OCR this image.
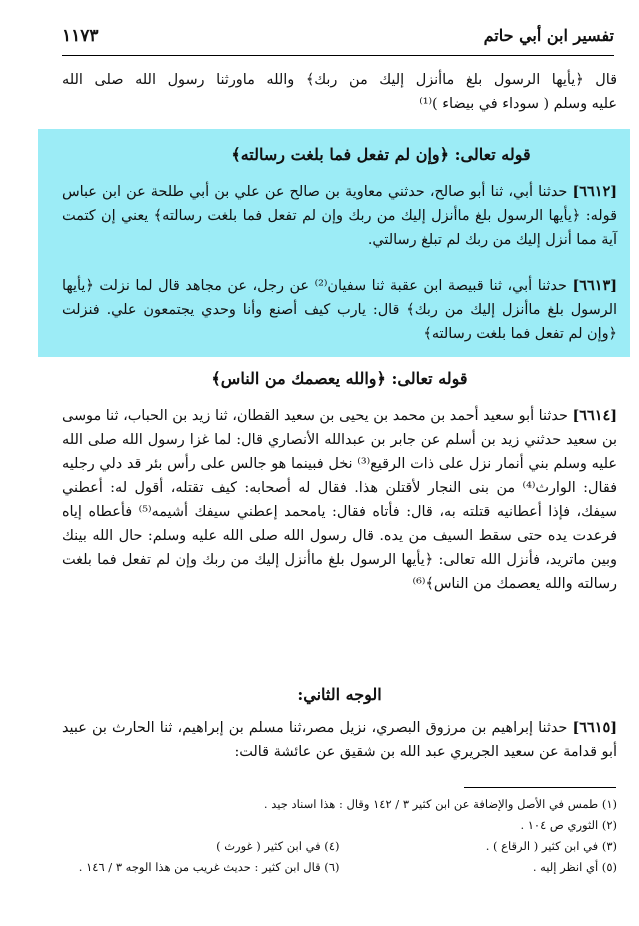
تفسير ابن أبي حاتم
١١٧٣

قال ﴿يأيها الرسول بلغ ماأنزل إليك من ربك﴾ والله ماورثنا رسول الله صلى الله

عليه وسلم ( سوداء في بيضاء )⁽¹⁾

قوله تعالى: ﴿وإن لم تفعل فما بلغت رسالته﴾

[٦٦١٢] حدثنا أبي، ثنا أبو صالح، حدثني معاوية بن صالح عن علي بن أبي طلحة عن ابن عباس قوله: ﴿يأيها الرسول بلغ ماأنزل إليك من ربك وإن لم تفعل فما بلغت رسالته﴾ يعني إن كتمت آية مما أنزل إليك من ربك لم تبلغ رسالتي.

[٦٦١٣] حدثنا أبي، ثنا قبيصة ابن عقبة ثنا سفيان⁽²⁾ عن رجل، عن مجاهد قال لما نزلت ﴿يأيها الرسول بلغ ماأنزل إليك من ربك﴾ قال: يارب كيف أصنع وأنا وحدي يجتمعون علي. فنزلت ﴿وإن لم تفعل فما بلغت رسالته﴾

قوله تعالى: ﴿والله يعصمك من الناس﴾

[٦٦١٤] حدثنا أبو سعيد أحمد بن محمد بن يحيى بن سعيد القطان، ثنا زيد بن الحباب، ثنا موسى بن سعيد حدثني زيد بن أسلم عن جابر بن عبدالله الأنصاري قال: لما غزا رسول الله صلى الله عليه وسلم بني أنمار نزل على ذات الرقيع⁽³⁾ نخل فبينما هو جالس على رأس بئر قد دلي رجليه فقال: الوارث⁽⁴⁾ من بنى النجار لأقتلن هذا. فقال له أصحابه: كيف تقتله، أقول له: أعطني سيفك، فإذا أعطانيه قتلته به، قال: فأتاه فقال: يامحمد إعطني سيفك أشيمه⁽⁵⁾ فأعطاه إياه فرعدت يده حتى سقط السيف من يده. قال رسول الله صلى الله عليه وسلم: حال الله بينك وبين ماتريد، فأنزل الله تعالى: ﴿يأيها الرسول بلغ ماأنزل إليك من ربك وإن لم تفعل فما بلغت رسالته والله يعصمك من الناس﴾⁽⁶⁾

الوجه الثاني:

[٦٦١٥] حدثنا إبراهيم بن مرزوق البصري، نزيل مصر،ثنا مسلم بن إبراهيم، ثنا الحارث بن عبيد أبو قدامة عن سعيد الجريري عبد الله بن شقيق عن عائشة قالت:

(١) طمس في الأصل والإضافة عن ابن كثير ٣ / ١٤٢ وقال : هذا اسناد جيد .
(٢) الثوري ص ١٠٤ .
(٣) في ابن كثير ( الرقاع ) .
(٤) في ابن كثير ( غورث )
(٥) أي انظر إليه .
(٦) قال ابن كثير : حديث غريب من هذا الوجه ٣ / ١٤٦ .
